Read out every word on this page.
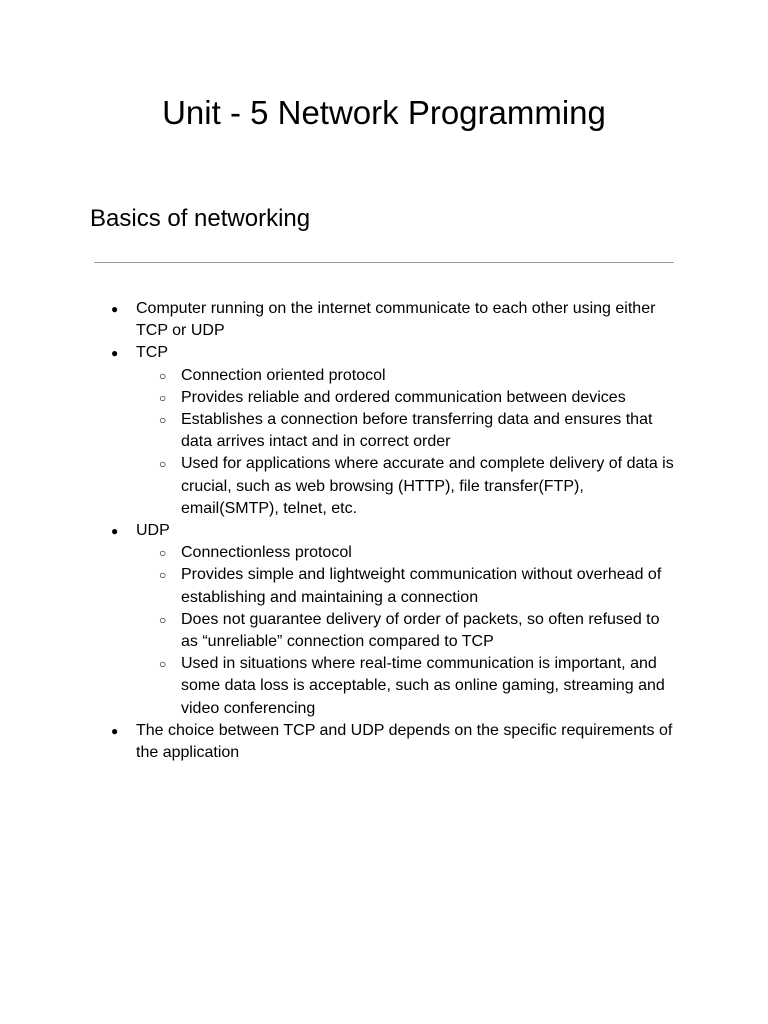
Unit - 5 Network Programming
Basics of networking
● Computer running on the internet communicate to each other using either TCP or UDP
● TCP
○ Connection oriented protocol
○ Provides reliable and ordered communication between devices
○ Establishes a connection before transferring data and ensures that data arrives intact and in correct order
○ Used for applications where accurate and complete delivery of data is crucial, such as web browsing (HTTP), file transfer(FTP), email(SMTP), telnet, etc.
● UDP
○ Connectionless protocol
○ Provides simple and lightweight communication without overhead of establishing and maintaining a connection
○ Does not guarantee delivery of order of packets, so often refused to as “unreliable” connection compared to TCP
○ Used in situations where real-time communication is important, and some data loss is acceptable, such as online gaming, streaming and video conferencing
● The choice between TCP and UDP depends on the specific requirements of the application
